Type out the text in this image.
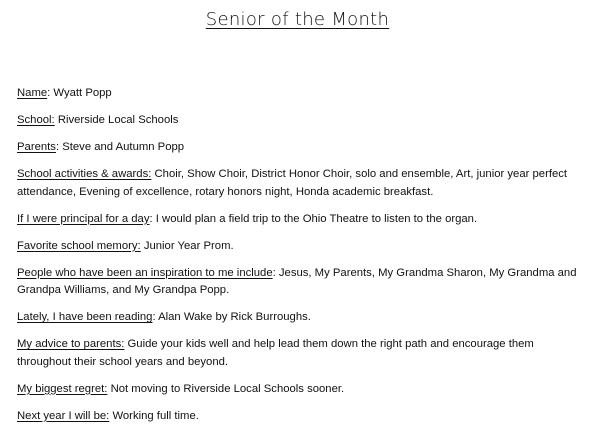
Senior of the Month

Name: Wyatt Popp

School: Riverside Local Schools

Parents: Steve and Autumn Popp

School activities & awards: Choir, Show Choir, District Honor Choir, solo and ensemble, Art, junior year perfect attendance, Evening of excellence, rotary honors night, Honda academic breakfast.

If I were principal for a day: I would plan a field trip to the Ohio Theatre to listen to the organ.

Favorite school memory: Junior Year Prom.

People who have been an inspiration to me include: Jesus, My Parents, My Grandma Sharon, My Grandma and Grandpa Williams, and My Grandpa Popp.

Lately, I have been reading: Alan Wake by Rick Burroughs.

My advice to parents: Guide your kids well and help lead them down the right path and encourage them throughout their school years and beyond.

My biggest regret: Not moving to Riverside Local Schools sooner.

Next year I will be: Working full time.
